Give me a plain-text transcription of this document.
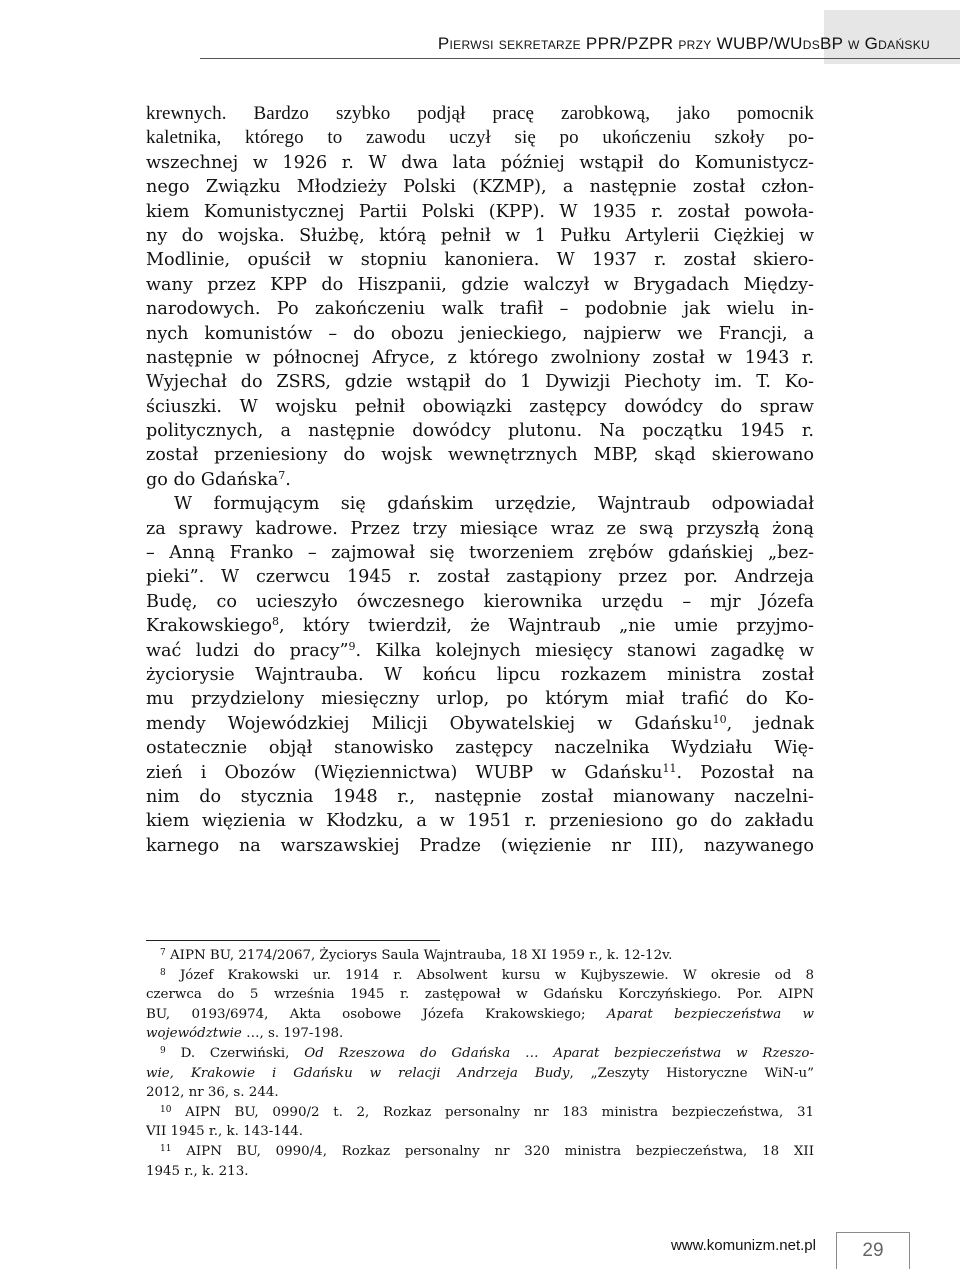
Pierwsi sekretarze PPR/PZPR przy WUBP/WUdsBP w Gdańsku
krewnych. Bardzo szybko podjął pracę zarobkową, jako pomocnik
kaletnika, którego to zawodu uczył się po ukończeniu szkoły po-
wszechnej w 1926 r. W dwa lata później wstąpił do Komunistycz-
nego Związku Młodzieży Polski (KZMP), a następnie został człon-
kiem Komunistycznej Partii Polski (KPP). W 1935 r. został powoła-
ny do wojska. Służbę, którą pełnił w 1 Pułku Artylerii Ciężkiej w
Modlinie, opuścił w stopniu kanoniera. W 1937 r. został skiero-
wany przez KPP do Hiszpanii, gdzie walczył w Brygadach Między-
narodowych. Po zakończeniu walk trafił – podobnie jak wielu in-
nych komunistów – do obozu jenieckiego, najpierw we Francji, a
następnie w północnej Afryce, z którego zwolniony został w 1943 r.
Wyjechał do ZSRS, gdzie wstąpił do 1 Dywizji Piechoty im. T. Ko-
ściuszki. W wojsku pełnił obowiązki zastępcy dowódcy do spraw
politycznych, a następnie dowódcy plutonu. Na początku 1945 r.
został przeniesiony do wojsk wewnętrznych MBP, skąd skierowano
go do Gdańska$^7$.
W formującym się gdańskim urzędzie, Wajntraub odpowiadał
za sprawy kadrowe. Przez trzy miesiące wraz ze swą przyszłą żoną
– Anną Franko – zajmował się tworzeniem zrębów gdańskiej „bez-
pieki”. W czerwcu 1945 r. został zastąpiony przez por. Andrzeja
Budę, co ucieszyło ówczesnego kierownika urzędu – mjr Józefa
Krakowskiego$^8$, który twierdził, że Wajntraub „nie umie przyjmo-
wać ludzi do pracy”$^9$. Kilka kolejnych miesięcy stanowi zagadkę w
życiorysie Wajntrauba. W końcu lipcu rozkazem ministra został
mu przydzielony miesięczny urlop, po którym miał trafić do Ko-
mendy Wojewódzkiej Milicji Obywatelskiej w Gdańsku$^{10}$, jednak
ostatecznie objął stanowisko zastępcy naczelnika Wydziału Wię-
zień i Obozów (Więziennictwa) WUBP w Gdańsku$^{11}$. Pozostał na
nim do stycznia 1948 r., następnie został mianowany naczelni-
kiem więzienia w Kłodzku, a w 1951 r. przeniesiono go do zakładu
karnego na warszawskiej Pradze (więzienie nr III), nazywanego
$^7$ AIPN BU, 2174/2067, Życiorys Saula Wajntrauba, 18 XI 1959 r., k. 12-12v.
$^8$ Józef Krakowski ur. 1914 r. Absolwent kursu w Kujbyszewie. W okresie od 8
czerwca do 5 września 1945 r. zastępował w Gdańsku Korczyńskiego. Por. AIPN
BU, 0193/6974, Akta osobowe Józefa Krakowskiego; Aparat bezpieczeństwa w
województwie …, s. 197-198.
$^9$ D. Czerwiński, Od Rzeszowa do Gdańska … Aparat bezpieczeństwa w Rzeszo-
wie, Krakowie i Gdańsku w relacji Andrzeja Budy, „Zeszyty Historyczne WiN-u”
2012, nr 36, s. 244.
$^{10}$ AIPN BU, 0990/2 t. 2, Rozkaz personalny nr 183 ministra bezpieczeństwa, 31
VII 1945 r., k. 143-144.
$^{11}$ AIPN BU, 0990/4, Rozkaz personalny nr 320 ministra bezpieczeństwa, 18 XII
1945 r., k. 213.
www.komunizm.net.pl	29
